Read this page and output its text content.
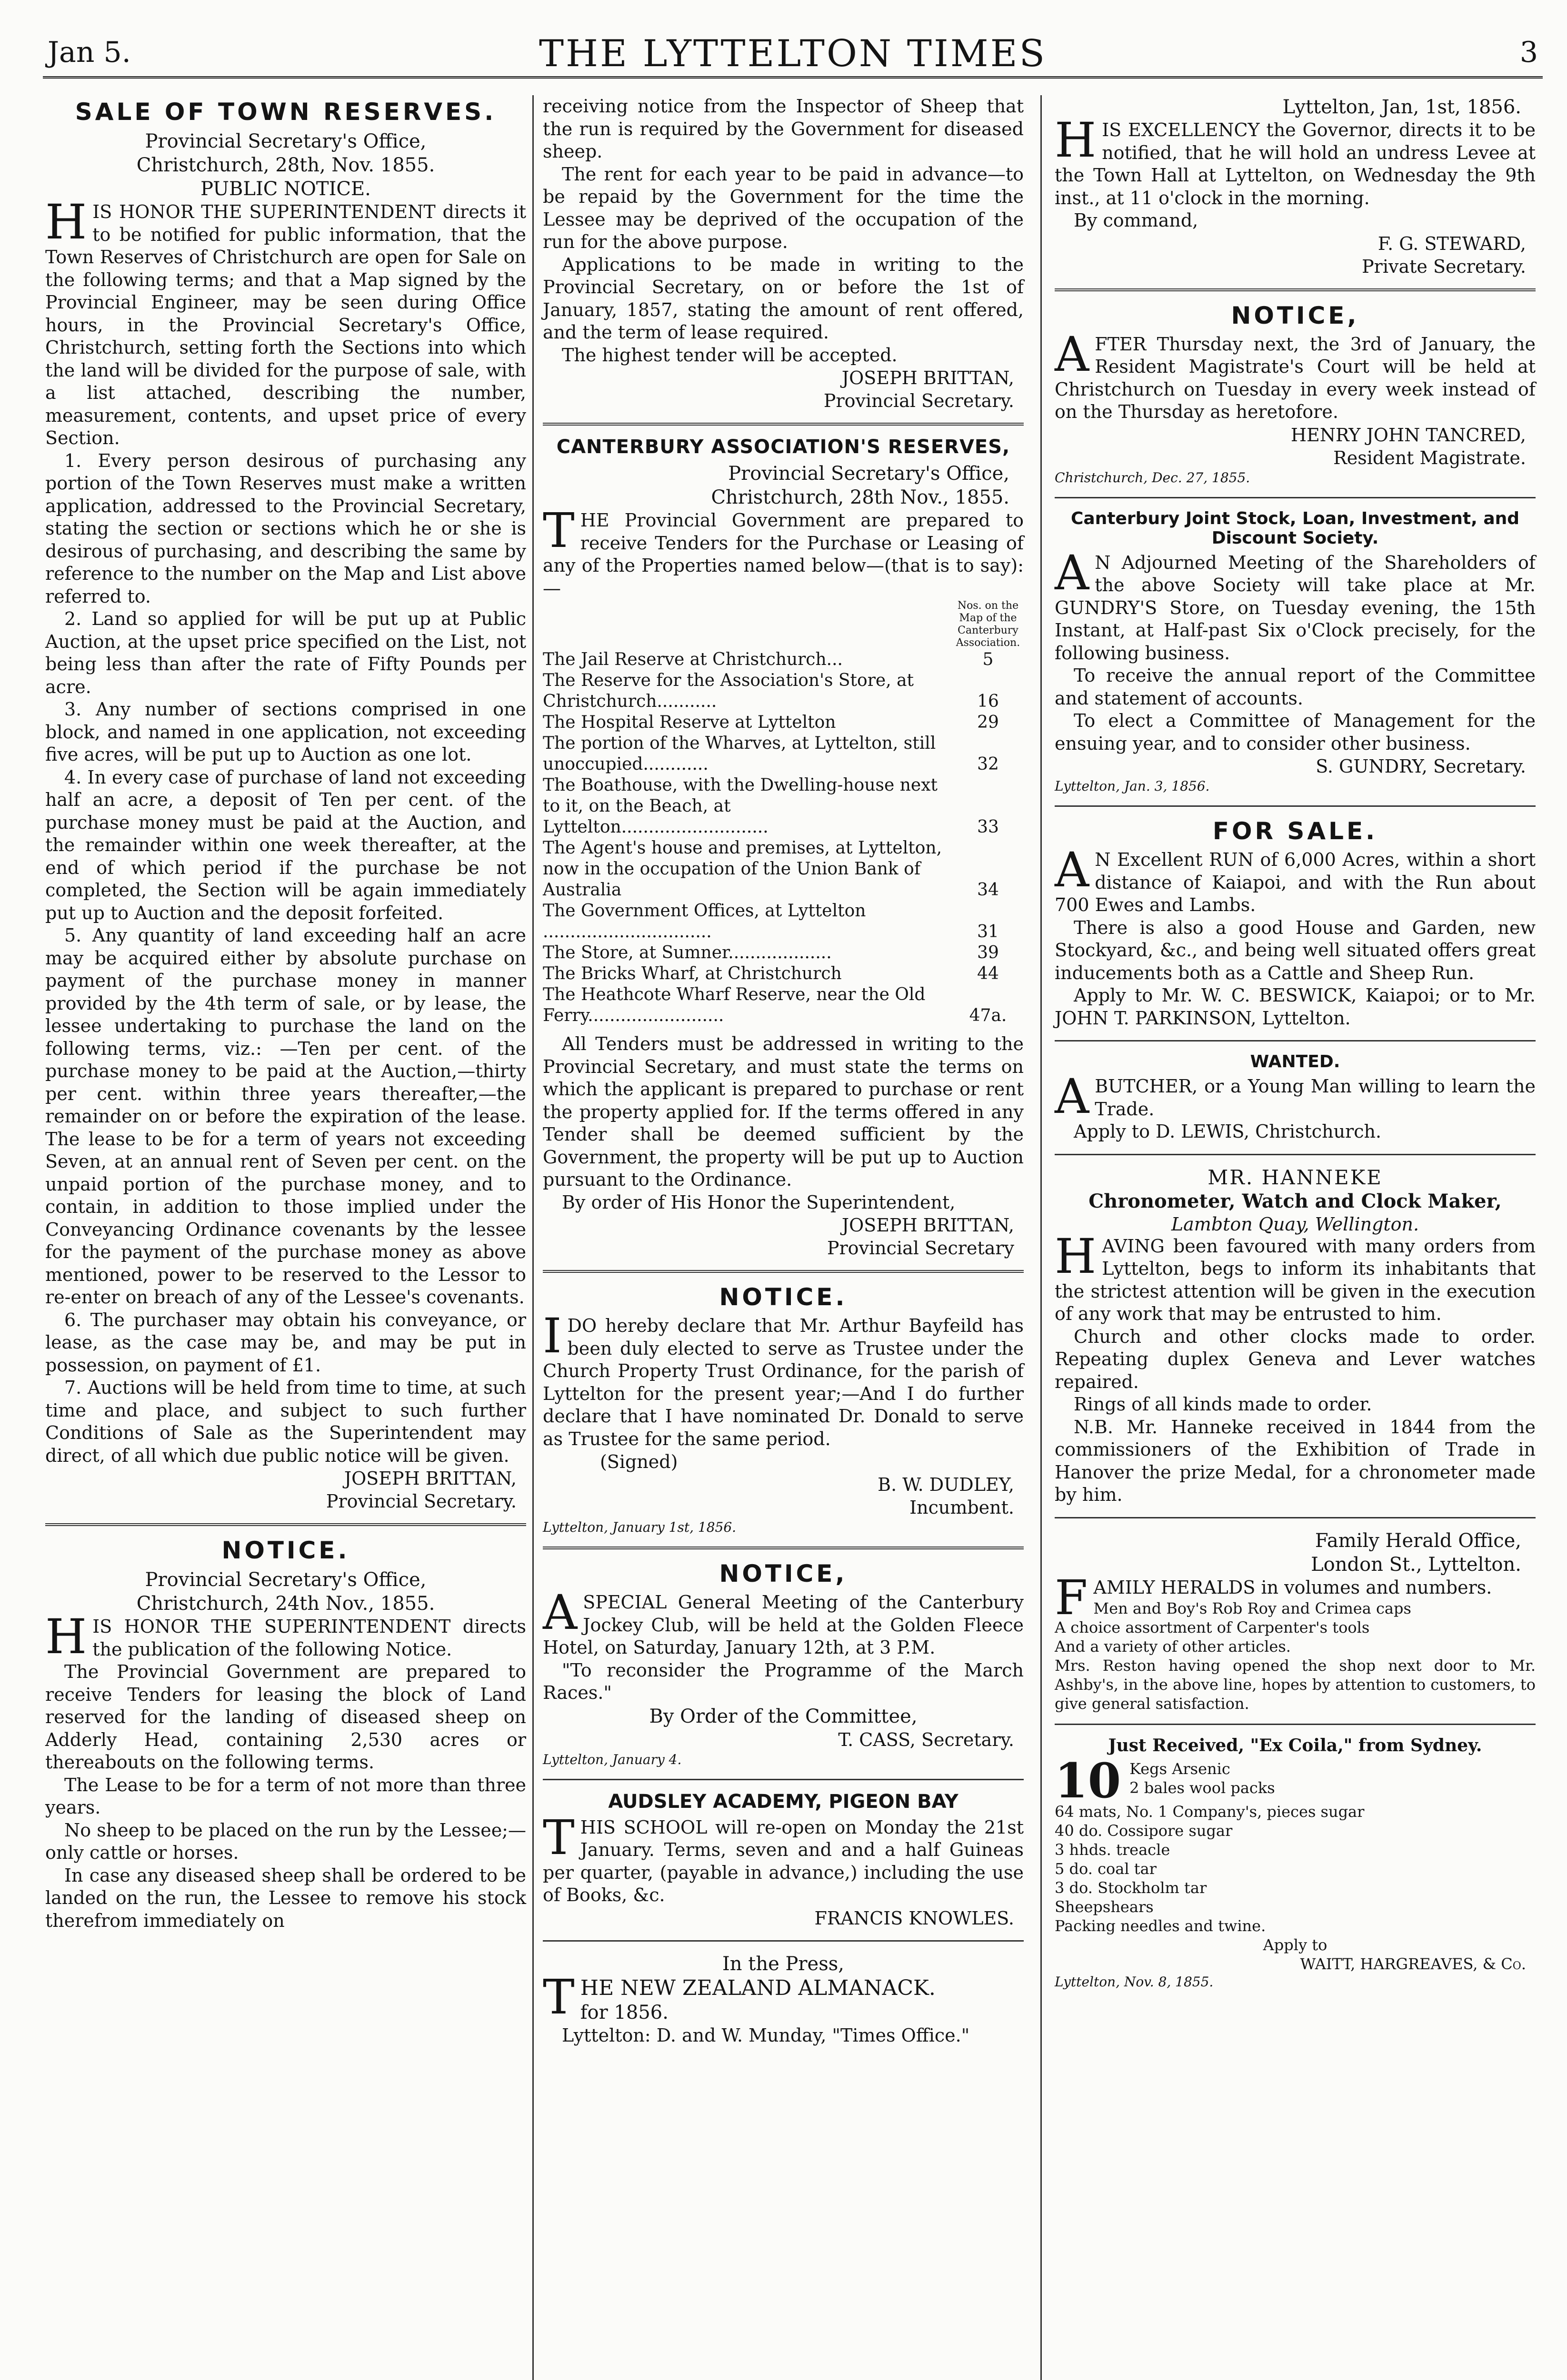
Jan 5.	THE LYTTELTON TIMES	3
SALE OF TOWN RESERVES.
Provincial Secretary's Office,
Christchurch, 28th, Nov. 1855.
PUBLIC NOTICE.
H IS HONOR THE SUPERINTENDENT directs it to be notified for public information, that the Town Reserves of Christchurch are open for Sale on the following terms; and that a Map signed by the Provincial Engineer, may be seen during Office hours, in the Provincial Secretary's Office, Christchurch, setting forth the Sections into which the land will be divided for the purpose of sale, with a list attached, describing the number, measurement, contents, and upset price of every Section.

1. Every person desirous of purchasing any portion of the Town Reserves must make a written application, addressed to the Provincial Secretary, stating the section or sections which he or she is desirous of purchasing, and describing the same by reference to the number on the Map and List above referred to.

2. Land so applied for will be put up at Public Auction, at the upset price specified on the List, not being less than after the rate of Fifty Pounds per acre.

3. Any number of sections comprised in one block, and named in one application, not exceeding five acres, will be put up to Auction as one lot.

4. In every case of purchase of land not exceeding half an acre, a deposit of Ten per cent. of the purchase money must be paid at the Auction, and the remainder within one week thereafter, at the end of which period if the purchase be not completed, the Section will be again immediately put up to Auction and the deposit forfeited.

5. Any quantity of land exceeding half an acre may be acquired either by absolute purchase on payment of the purchase money in manner provided by the 4th term of sale, or by lease, the lessee undertaking to purchase the land on the following terms, viz.: —Ten per cent. of the purchase money to be paid at the Auction,—thirty per cent. within three years thereafter,—the remainder on or before the expiration of the lease. The lease to be for a term of years not exceeding Seven, at an annual rent of Seven per cent. on the unpaid portion of the purchase money, and to contain, in addition to those implied under the Conveyancing Ordinance covenants by the lessee for the payment of the purchase money as above mentioned, power to be reserved to the Lessor to re-enter on breach of any of the Lessee's covenants.

6. The purchaser may obtain his conveyance, or lease, as the case may be, and may be put in possession, on payment of £1.

7. Auctions will be held from time to time, at such time and place, and subject to such further Conditions of Sale as the Superintendent may direct, of all which due public notice will be given.

JOSEPH BRITTAN,
Provincial Secretary.
NOTICE.
Provincial Secretary's Office,
Christchurch, 24th Nov., 1855.
H IS HONOR THE SUPERINTENDENT directs the publication of the following Notice.

The Provincial Government are prepared to receive Tenders for leasing the block of Land reserved for the landing of diseased sheep on Adderly Head, containing 2,530 acres or thereabouts on the following terms.

The Lease to be for a term of not more than three years.

No sheep to be placed on the run by the Lessee;—only cattle or horses.

In case any diseased sheep shall be ordered to be landed on the run, the Lessee to remove his stock therefrom immediately on

receiving notice from the Inspector of Sheep that the run is required by the Government for diseased sheep.

The rent for each year to be paid in advance—to be repaid by the Government for the time the Lessee may be deprived of the occupation of the run for the above purpose.

Applications to be made in writing to the Provincial Secretary, on or before the 1st of January, 1857, stating the amount of rent offered, and the term of lease required.

The highest tender will be accepted.

JOSEPH BRITTAN,
Provincial Secretary.
CANTERBURY ASSOCIATION'S RESERVES,
Provincial Secretary's Office,
Christchurch, 28th Nov., 1855.
T HE Provincial Government are prepared to receive Tenders for the Purchase or Leasing of any of the Properties named below—(that is to say):—

Nos. on the Map of the Canterbury Association.
The Jail Reserve at Christchurch...	5
The Reserve for the Association's Store, at Christchurch...........	16
The Hospital Reserve at Lyttelton	29
The portion of the Wharves, at Lyttelton, still unoccupied............	32
The Boathouse, with the Dwelling-house next to it, on the Beach, at Lyttelton...........................	33
The Agent's house and premises, at Lyttelton, now in the occupation of the Union Bank of Australia	34
The Government Offices, at Lyttelton ...............................	31
The Store, at Sumner...................	39
The Bricks Wharf, at Christchurch	44
The Heathcote Wharf Reserve, near the Old Ferry.........................	47a.

All Tenders must be addressed in writing to the Provincial Secretary, and must state the terms on which the applicant is prepared to purchase or rent the property applied for. If the terms offered in any Tender shall be deemed sufficient by the Government, the property will be put up to Auction pursuant to the Ordinance.

By order of His Honor the Superintendent,

JOSEPH BRITTAN,
Provincial Secretary
NOTICE.
I DO hereby declare that Mr. Arthur Bayfeild has been duly elected to serve as Trustee under the Church Property Trust Ordinance, for the parish of Lyttelton for the present year;—And I do further declare that I have nominated Dr. Donald to serve as Trustee for the same period.

(Signed)
B. W. DUDLEY,
Incumbent.
Lyttelton, January 1st, 1856.
NOTICE,
A SPECIAL General Meeting of the Canterbury Jockey Club, will be held at the Golden Fleece Hotel, on Saturday, January 12th, at 3 P.M.

"To reconsider the Programme of the March Races."

By Order of the Committee,
T. CASS, Secretary.
Lyttelton, January 4.
AUDSLEY ACADEMY, PIGEON BAY
T HIS SCHOOL will re-open on Monday the 21st January. Terms, seven and and a half Guineas per quarter, (payable in advance,) including the use of Books, &c.

FRANCIS KNOWLES.
In the Press,
T HE NEW ZEALAND ALMANACK.
for 1856.

Lyttelton: D. and W. Munday, "Times Office."

Lyttelton, Jan, 1st, 1856.
H IS EXCELLENCY the Governor, directs it to be notified, that he will hold an undress Levee at the Town Hall at Lyttelton, on Wednesday the 9th inst., at 11 o'clock in the morning.

By command,

F. G. STEWARD,
Private Secretary.
NOTICE,
A FTER Thursday next, the 3rd of January, the Resident Magistrate's Court will be held at Christchurch on Tuesday in every week instead of on the Thursday as heretofore.

HENRY JOHN TANCRED,
Resident Magistrate.
Christchurch, Dec. 27, 1855.
Canterbury Joint Stock, Loan, Investment, and Discount Society.
A N Adjourned Meeting of the Shareholders of the above Society will take place at Mr. GUNDRY'S Store, on Tuesday evening, the 15th Instant, at Half-past Six o'Clock precisely, for the following business.

To receive the annual report of the Committee and statement of accounts.

To elect a Committee of Management for the ensuing year, and to consider other business.

S. GUNDRY, Secretary.
Lyttelton, Jan. 3, 1856.
FOR SALE.
A N Excellent RUN of 6,000 Acres, within a short distance of Kaiapoi, and with the Run about 700 Ewes and Lambs.

There is also a good House and Garden, new Stockyard, &c., and being well situated offers great inducements both as a Cattle and Sheep Run.

Apply to Mr. W. C. BESWICK, Kaiapoi; or to Mr. JOHN T. PARKINSON, Lyttelton.

WANTED.
A BUTCHER, or a Young Man willing to learn the Trade.

Apply to D. LEWIS, Christchurch.

MR. HANNEKE
Chronometer, Watch and Clock Maker,
Lambton Quay, Wellington.
H AVING been favoured with many orders from Lyttelton, begs to inform its inhabitants that the strictest attention will be given in the execution of any work that may be entrusted to him.

Church and other clocks made to order. Repeating duplex Geneva and Lever watches repaired.

Rings of all kinds made to order.

N.B. Mr. Hanneke received in 1844 from the commissioners of the Exhibition of Trade in Hanover the prize Medal, for a chronometer made by him.

Family Herald Office,
London St., Lyttelton.
F AMILY HERALDS in volumes and numbers.

Men and Boy's Rob Roy and Crimea caps
A choice assortment of Carpenter's tools
And a variety of other articles.
Mrs. Reston having opened the shop next door to Mr. Ashby's, in the above line, hopes by attention to customers, to give general satisfaction.
Just Received, "Ex Coila," from Sydney.
10 Kegs Arsenic
2 bales wool packs
64 mats, No. 1 Company's, pieces sugar
40 do. Cossipore sugar
3 hhds. treacle
5 do. coal tar
3 do. Stockholm tar
Sheepshears
Packing needles and twine.
Apply to
WAITT, HARGREAVES, & Co.
Lyttelton, Nov. 8, 1855.
